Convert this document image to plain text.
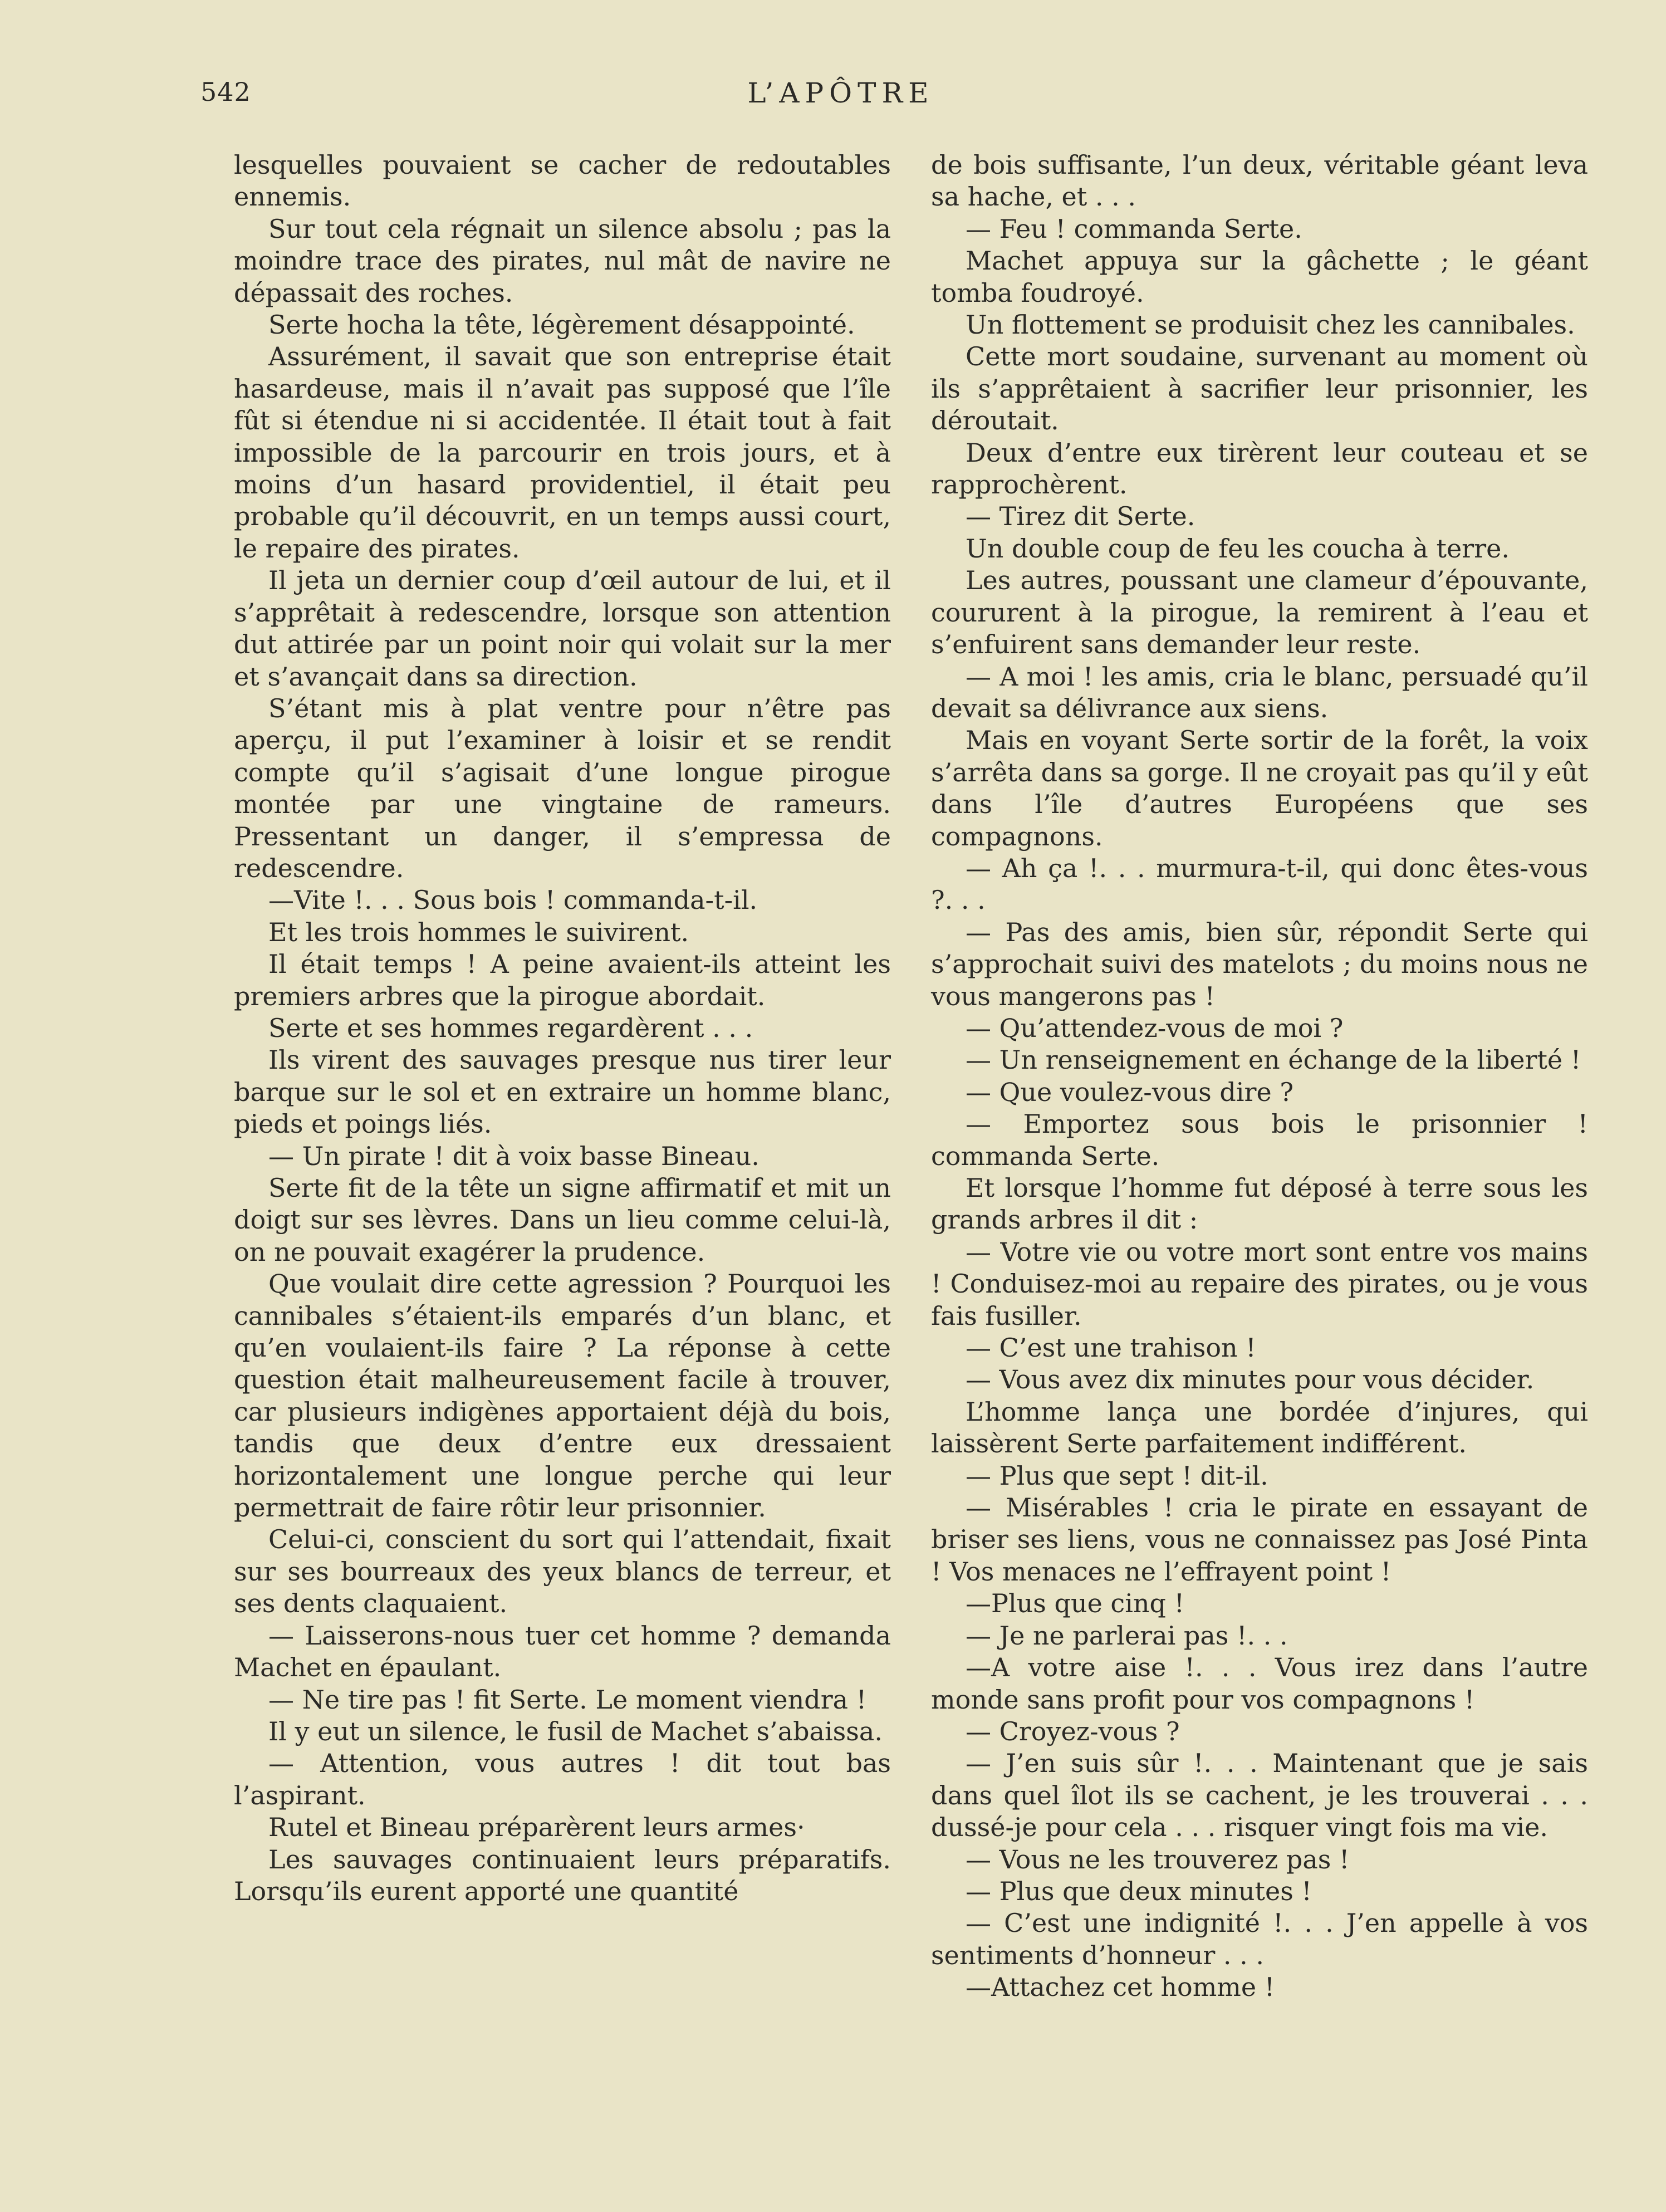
542	L’APÔTRE

lesquelles pouvaient se cacher de redoutables ennemis.

Sur tout cela régnait un silence absolu ; pas la moindre trace des pirates, nul mât de navire ne dépassait des roches.

Serte hocha la tête, légèrement désappointé.

Assurément, il savait que son entreprise était hasardeuse, mais il n’avait pas supposé que l’île fût si étendue ni si accidentée. Il était tout à fait impossible de la parcourir en trois jours, et à moins d’un hasard providentiel, il était peu probable qu’il découvrit, en un temps aussi court, le repaire des pirates.

Il jeta un dernier coup d’œil autour de lui, et il s’apprêtait à redescendre, lorsque son attention dut attirée par un point noir qui volait sur la mer et s’avançait dans sa direction.

S’étant mis à plat ventre pour n’être pas aperçu, il put l’examiner à loisir et se rendit compte qu’il s’agisait d’une longue pirogue montée par une vingtaine de rameurs. Pressentant un danger, il s’empressa de redescendre.

—Vite !. . . Sous bois ! commanda-t-il.

Et les trois hommes le suivirent.

Il était temps ! A peine avaient-ils atteint les premiers arbres que la pirogue abordait.

Serte et ses hommes regardèrent . . .

Ils virent des sauvages presque nus tirer leur barque sur le sol et en extraire un homme blanc, pieds et poings liés.

— Un pirate ! dit à voix basse Bineau.

Serte fit de la tête un signe affirmatif et mit un doigt sur ses lèvres. Dans un lieu comme celui-là, on ne pouvait exagérer la prudence.

Que voulait dire cette agression ? Pourquoi les cannibales s’étaient-ils emparés d’un blanc, et qu’en voulaient-ils faire ? La réponse à cette question était malheureusement facile à trouver, car plusieurs indigènes apportaient déjà du bois, tandis que deux d’entre eux dressaient horizontalement une longue perche qui leur permettrait de faire rôtir leur prisonnier.

Celui-ci, conscient du sort qui l’attendait, fixait sur ses bourreaux des yeux blancs de terreur, et ses dents claquaient.

— Laisserons-nous tuer cet homme ? demanda Machet en épaulant.

— Ne tire pas ! fit Serte. Le moment viendra !

Il y eut un silence, le fusil de Machet s’abaissa.

— Attention, vous autres ! dit tout bas l’aspirant.

Rutel et Bineau préparèrent leurs armes·

Les sauvages continuaient leurs préparatifs. Lorsqu’ils eurent apporté une quantité

de bois suffisante, l’un deux, véritable géant leva sa hache, et . . .

— Feu ! commanda Serte.

Machet appuya sur la gâchette ; le géant tomba foudroyé.

Un flottement se produisit chez les cannibales.

Cette mort soudaine, survenant au moment où ils s’apprêtaient à sacrifier leur prisonnier, les déroutait.

Deux d’entre eux tirèrent leur couteau et se rapprochèrent.

— Tirez dit Serte.

Un double coup de feu les coucha à terre.

Les autres, poussant une clameur d’épouvante, coururent à la pirogue, la remirent à l’eau et s’enfuirent sans demander leur reste.

— A moi ! les amis, cria le blanc, persuadé qu’il devait sa délivrance aux siens.

Mais en voyant Serte sortir de la forêt, la voix s’arrêta dans sa gorge. Il ne croyait pas qu’il y eût dans l’île d’autres Européens que ses compagnons.

— Ah ça !. . . murmura-t-il, qui donc êtes-vous ?. . .

— Pas des amis, bien sûr, répondit Serte qui s’approchait suivi des matelots ; du moins nous ne vous mangerons pas !

— Qu’attendez-vous de moi ?

— Un renseignement en échange de la liberté !

— Que voulez-vous dire ?

— Emportez sous bois le prisonnier ! commanda Serte.

Et lorsque l’homme fut déposé à terre sous les grands arbres il dit :

— Votre vie ou votre mort sont entre vos mains ! Conduisez-moi au repaire des pirates, ou je vous fais fusiller.

— C’est une trahison !

— Vous avez dix minutes pour vous décider.

L’homme lança une bordée d’injures, qui laissèrent Serte parfaitement indifférent.

— Plus que sept ! dit-il.

— Misérables ! cria le pirate en essayant de briser ses liens, vous ne connaissez pas José Pinta ! Vos menaces ne l’effrayent point !

—Plus que cinq !

— Je ne parlerai pas !. . .

—A votre aise !. . . Vous irez dans l’autre monde sans profit pour vos compagnons !

— Croyez-vous ?

— J’en suis sûr !. . . Maintenant que je sais dans quel îlot ils se cachent, je les trouverai . . . dussé-je pour cela . . . risquer vingt fois ma vie.

— Vous ne les trouverez pas !

— Plus que deux minutes !

— C’est une indignité !. . . J’en appelle à vos sentiments d’honneur . . .

—Attachez cet homme !
